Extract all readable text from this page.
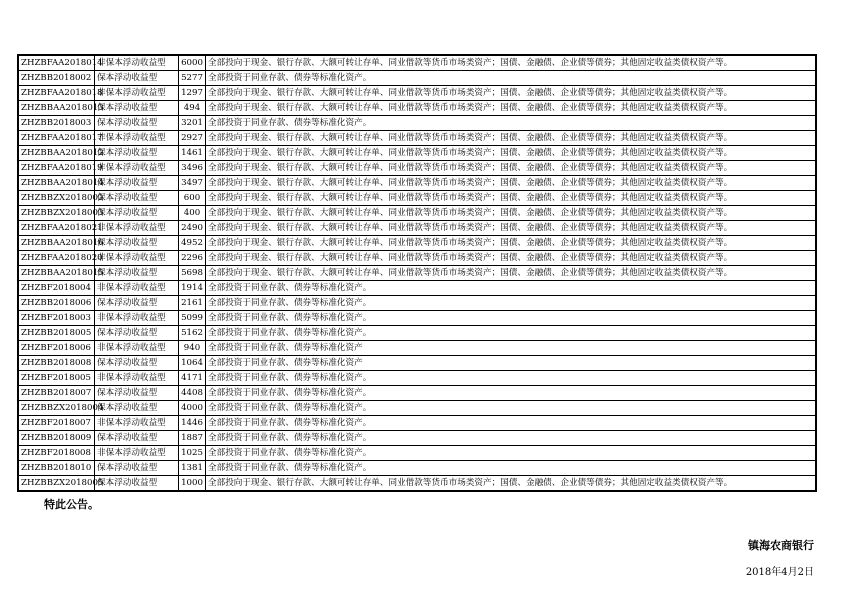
ZHZBFAA2018014	非保本浮动收益型	6000	全部投向于现金、银行存款、大额可转让存单、同业借款等货币市场类资产；国债、金融债、企业债等债券；其他固定收益类债权资产等。
ZHZBB2018002	保本浮动收益型	5277	全部投资于同业存款、债券等标准化资产。
ZHZBFAA2018018	非保本浮动收益型	1297	全部投向于现金、银行存款、大额可转让存单、同业借款等货币市场类资产；国债、金融债、企业债等债券；其他固定收益类债权资产等。
ZHZBBAA2018013	保本浮动收益型	494	全部投向于现金、银行存款、大额可转让存单、同业借款等货币市场类资产；国债、金融债、企业债等债券；其他固定收益类债权资产等。
ZHZBB2018003	保本浮动收益型	3201	全部投资于同业存款、债券等标准化资产。
ZHZBFAA2018017	非保本浮动收益型	2927	全部投向于现金、银行存款、大额可转让存单、同业借款等货币市场类资产；国债、金融债、企业债等债券；其他固定收益类债权资产等。
ZHZBBAA2018012	保本浮动收益型	1461	全部投向于现金、银行存款、大额可转让存单、同业借款等货币市场类资产；国债、金融债、企业债等债券；其他固定收益类债权资产等。
ZHZBFAA2018019	非保本浮动收益型	3496	全部投向于现金、银行存款、大额可转让存单、同业借款等货币市场类资产；国债、金融债、企业债等债券；其他固定收益类债权资产等。
ZHZBBAA2018014	保本浮动收益型	3497	全部投向于现金、银行存款、大额可转让存单、同业借款等货币市场类资产；国债、金融债、企业债等债券；其他固定收益类债权资产等。
ZHZBBZX2018002	保本浮动收益型	600	全部投向于现金、银行存款、大额可转让存单、同业借款等货币市场类资产；国债、金融债、企业债等债券；其他固定收益类债权资产等。
ZHZBBZX2018003	保本浮动收益型	400	全部投向于现金、银行存款、大额可转让存单、同业借款等货币市场类资产；国债、金融债、企业债等债券；其他固定收益类债权资产等。
ZHZBFAA2018021	非保本浮动收益型	2490	全部投向于现金、银行存款、大额可转让存单、同业借款等货币市场类资产；国债、金融债、企业债等债券；其他固定收益类债权资产等。
ZHZBBAA2018016	保本浮动收益型	4952	全部投向于现金、银行存款、大额可转让存单、同业借款等货币市场类资产；国债、金融债、企业债等债券；其他固定收益类债权资产等。
ZHZBFAA2018020	非保本浮动收益型	2296	全部投向于现金、银行存款、大额可转让存单、同业借款等货币市场类资产；国债、金融债、企业债等债券；其他固定收益类债权资产等。
ZHZBBAA2018015	保本浮动收益型	5698	全部投向于现金、银行存款、大额可转让存单、同业借款等货币市场类资产；国债、金融债、企业债等债券；其他固定收益类债权资产等。
ZHZBF2018004	非保本浮动收益型	1914	全部投资于同业存款、债券等标准化资产。
ZHZBB2018006	保本浮动收益型	2161	全部投资于同业存款、债券等标准化资产。
ZHZBF2018003	非保本浮动收益型	5099	全部投资于同业存款、债券等标准化资产。
ZHZBB2018005	保本浮动收益型	5162	全部投资于同业存款、债券等标准化资产。
ZHZBF2018006	非保本浮动收益型	940	全部投资于同业存款、债券等标准化资产
ZHZBB2018008	保本浮动收益型	1064	全部投资于同业存款、债券等标准化资产
ZHZBF2018005	非保本浮动收益型	4171	全部投资于同业存款、债券等标准化资产。
ZHZBB2018007	保本浮动收益型	4408	全部投资于同业存款、债券等标准化资产。
ZHZBBZX2018004	保本浮动收益型	4000	全部投资于同业存款、债券等标准化资产。
ZHZBF2018007	非保本浮动收益型	1446	全部投资于同业存款、债券等标准化资产。
ZHZBB2018009	保本浮动收益型	1887	全部投资于同业存款、债券等标准化资产。
ZHZBF2018008	非保本浮动收益型	1025	全部投资于同业存款、债券等标准化资产。
ZHZBB2018010	保本浮动收益型	1381	全部投资于同业存款、债券等标准化资产。
ZHZBBZX2018005	保本浮动收益型	1000	全部投向于现金、银行存款、大额可转让存单、同业借款等货币市场类资产；国债、金融债、企业债等债券；其他固定收益类债权资产等。
特此公告。
镇海农商银行
2018年4月2日
